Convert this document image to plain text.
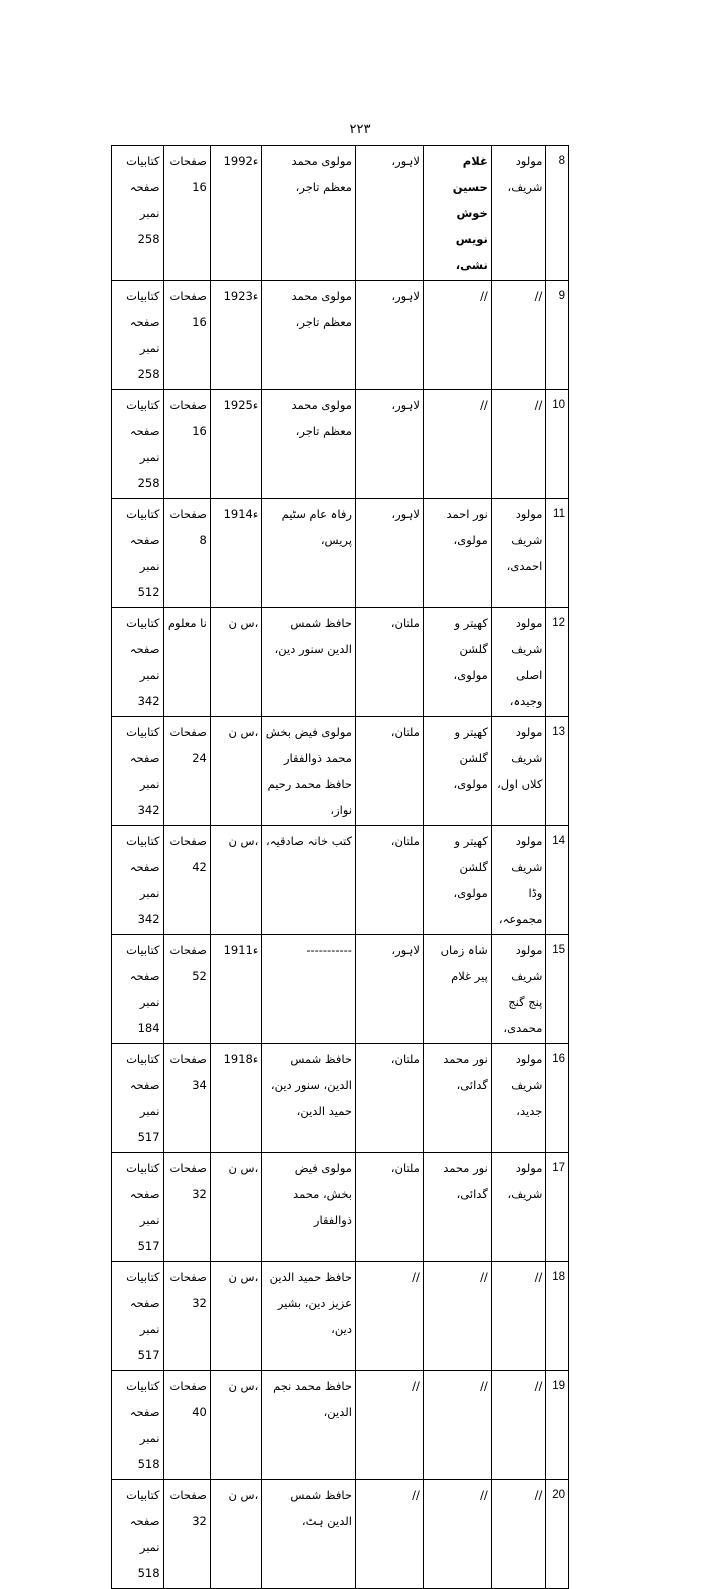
۲۲۳
8	مولود شریف،	غلام حسین خوش نویس نشی،	لاہور،	مولوی محمد معظم تاجر،	1992ء	صفحات 16	کتابیات صفحہ نمبر 258
9	//	//	لاہور،	مولوی محمد معظم تاجر،	1923ء	صفحات 16	کتابیات صفحہ نمبر 258
10	//	//	لاہور،	مولوی محمد معظم تاجر،	1925ء	صفحات 16	کتابیات صفحہ نمبر 258
11	مولود شریف احمدی،	نور احمد مولوی،	لاہور،	رفاہ عام سٹیم پریس،	1914ء	صفحات 8	کتابیات صفحہ نمبر 512
12	مولود شریف اصلی وجیدہ،	کھیتر و گلشن مولوی،	ملتان،	حافظ شمس الدین سنور دین،	س ن،	نا معلوم	کتابیات صفحہ نمبر 342
13	مولود شریف کلاں اول،	کھیتر و گلشن مولوی،	ملتان،	مولوی فیض بخش محمد ذوالفقار حافظ محمد رحیم نواز،	س ن،	صفحات 24	کتابیات صفحہ نمبر 342
14	مولود شریف وڈا مجموعہ،	کھیتر و گلشن مولوی،	ملتان،	کتب خانہ صادقیہ،	س ن،	صفحات 42	کتابیات صفحہ نمبر 342
15	مولود شریف پنج گنج محمدی،	شاہ زماں پیر غلام	لاہور،	-----------	1911ء	صفحات 52	کتابیات صفحہ نمبر 184
16	مولود شریف جدید،	نور محمد گدائی،	ملتان،	حافظ شمس الدین، سنور دین، حمید الدین،	1918ء	صفحات 34	کتابیات صفحہ نمبر 517
17	مولود شریف،	نور محمد گدائی،	ملتان،	مولوی فیض بخش، محمد ذوالفقار	س ن،	صفحات 32	کتابیات صفحہ نمبر 517
18	//	//	//	حافظ حمید الدین عزیز دین، بشیر دین،	س ن،	صفحات 32	کتابیات صفحہ نمبر 517
19	//	//	//	حافظ محمد نجم الدین،	س ن،	صفحات 40	کتابیات صفحہ نمبر 518
20	//	//	//	حافظ شمس الدین ہٹ،	س ن،	صفحات 32	کتابیات صفحہ نمبر 518
